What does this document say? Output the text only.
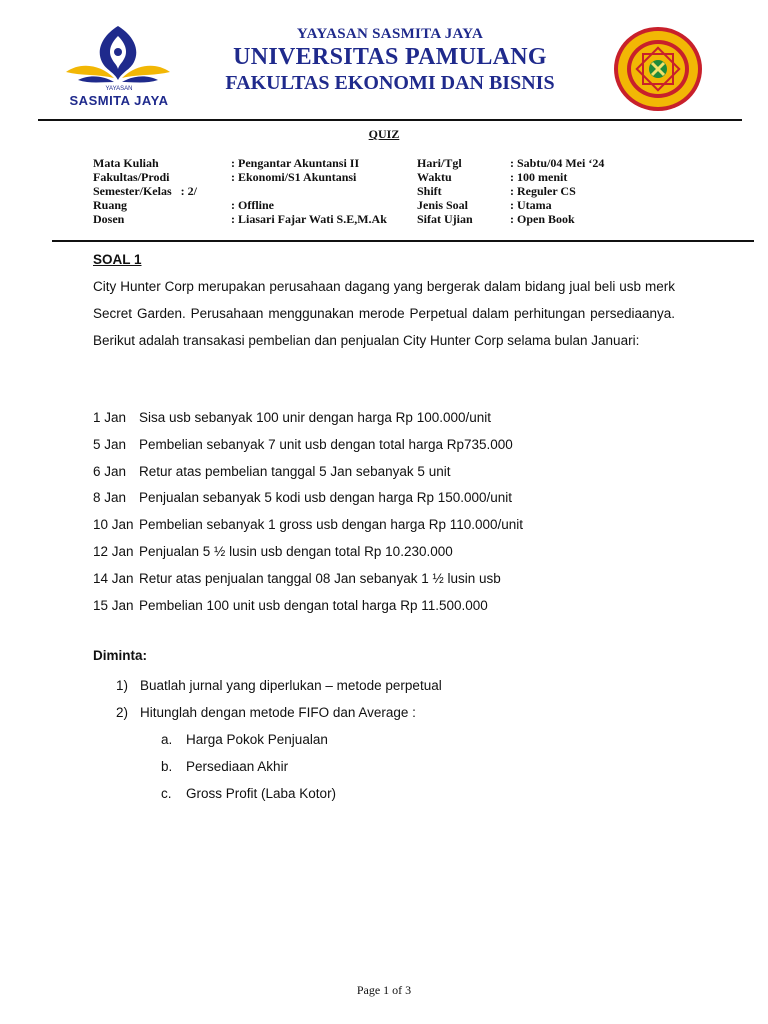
YAYASAN
SASMITA JAYA
YAYASAN SASMITA JAYA
UNIVERSITAS PAMULANG
FAKULTAS EKONOMI DAN BISNIS
QUIZ
Mata Kuliah
Fakultas/Prodi
Semester/Kelas   : 2/
Ruang
Dosen
: Pengantar Akuntansi II
: Ekonomi/S1 Akuntansi
: Offline
: Liasari Fajar Wati S.E,M.Ak
Hari/Tgl
Waktu
Shift
Jenis Soal
Sifat Ujian
: Sabtu/04 Mei ‘24
: 100 menit
: Reguler CS
: Utama
: Open Book
SOAL 1
City Hunter Corp merupakan perusahaan dagang yang bergerak dalam bidang jual beli usb merk Secret Garden. Perusahaan menggunakan merode Perpetual dalam perhitungan persediaanya. Berikut adalah transakasi pembelian dan penjualan City Hunter Corp selama bulan Januari:
1 Jan Sisa usb sebanyak 100 unir dengan harga Rp 100.000/unit
5 Jan Pembelian sebanyak 7 unit usb dengan total harga Rp735.000
6 Jan Retur atas pembelian tanggal 5 Jan sebanyak 5 unit
8 Jan Penjualan sebanyak 5 kodi usb dengan harga Rp 150.000/unit
10 Jan Pembelian sebanyak 1 gross usb dengan harga Rp 110.000/unit
12 Jan Penjualan 5 ½ lusin usb dengan total Rp 10.230.000
14 Jan Retur atas penjualan tanggal 08 Jan sebanyak 1 ½ lusin usb
15 Jan Pembelian 100 unit usb dengan total harga Rp 11.500.000
Diminta:
1) Buatlah jurnal yang diperlukan – metode perpetual
2) Hitunglah dengan metode FIFO dan Average :
a. Harga Pokok Penjualan
b. Persediaan Akhir
c. Gross Profit (Laba Kotor)
Page 1 of 3
